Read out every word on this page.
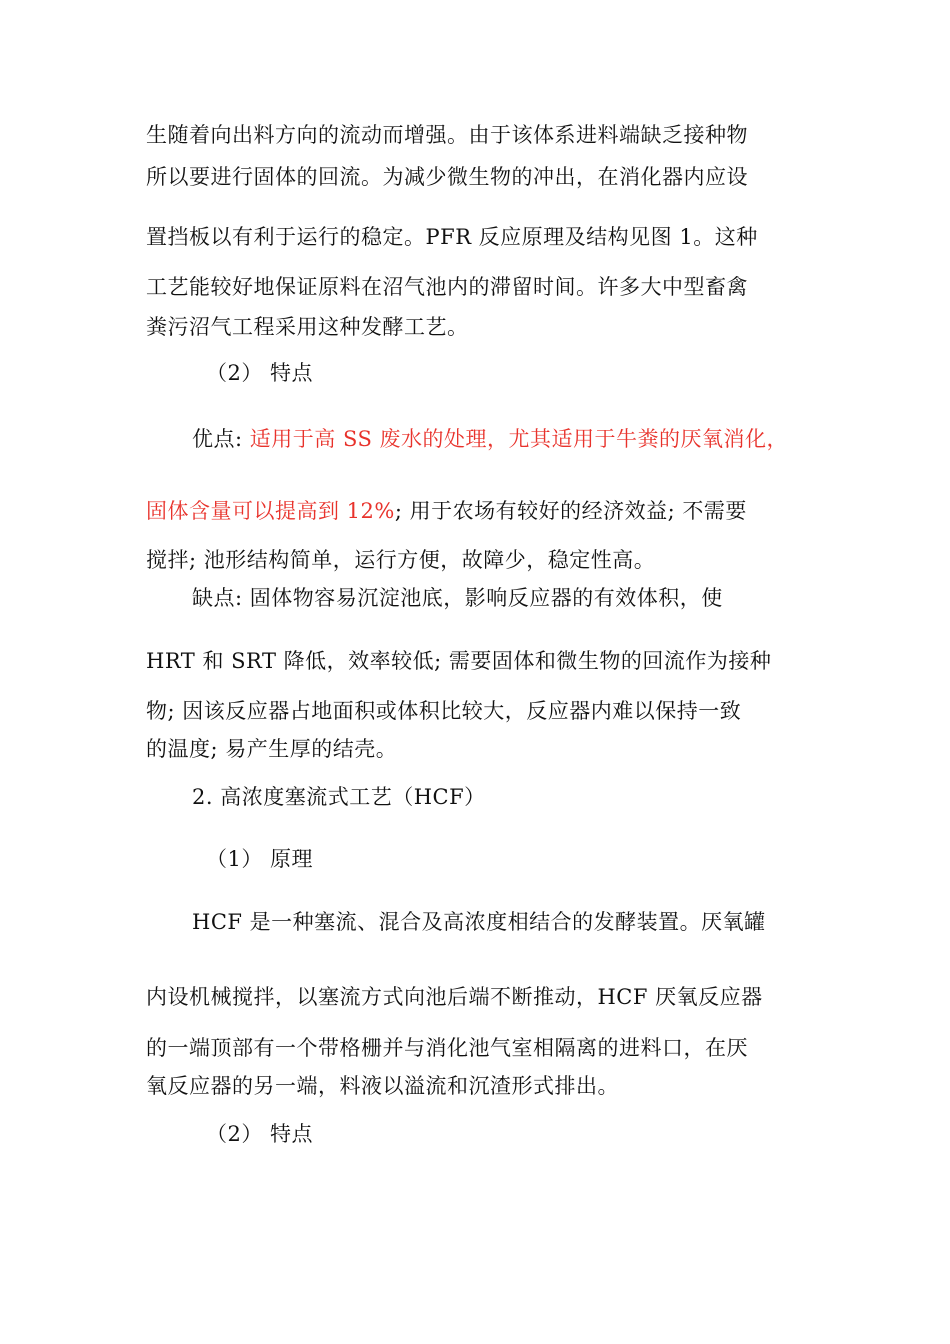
生随着向出料方向的流动而增强。由于该体系进料端缺乏接种物
所以要进行固体的回流。为减少微生物的冲出，在消化器内应设
置挡板以有利于运行的稳定。PFR 反应原理及结构见图 1。这种
工艺能较好地保证原料在沼气池内的滞留时间。许多大中型畜禽
粪污沼气工程采用这种发酵工艺。
（2） 特点
优点: 适用于高 SS 废水的处理，尤其适用于牛粪的厌氧消化，
固体含量可以提高到 12%; 用于农场有较好的经济效益; 不需要
搅拌; 池形结构简单，运行方便，故障少，稳定性高。
缺点: 固体物容易沉淀池底，影响反应器的有效体积，使
HRT 和 SRT 降低，效率较低; 需要固体和微生物的回流作为接种
物; 因该反应器占地面积或体积比较大，反应器内难以保持一致
的温度; 易产生厚的结壳。
2. 高浓度塞流式工艺（HCF）
（1） 原理
HCF 是一种塞流、混合及高浓度相结合的发酵装置。厌氧罐
内设机械搅拌，以塞流方式向池后端不断推动，HCF 厌氧反应器
的一端顶部有一个带格栅并与消化池气室相隔离的进料口，在厌
氧反应器的另一端，料液以溢流和沉渣形式排出。
（2） 特点
